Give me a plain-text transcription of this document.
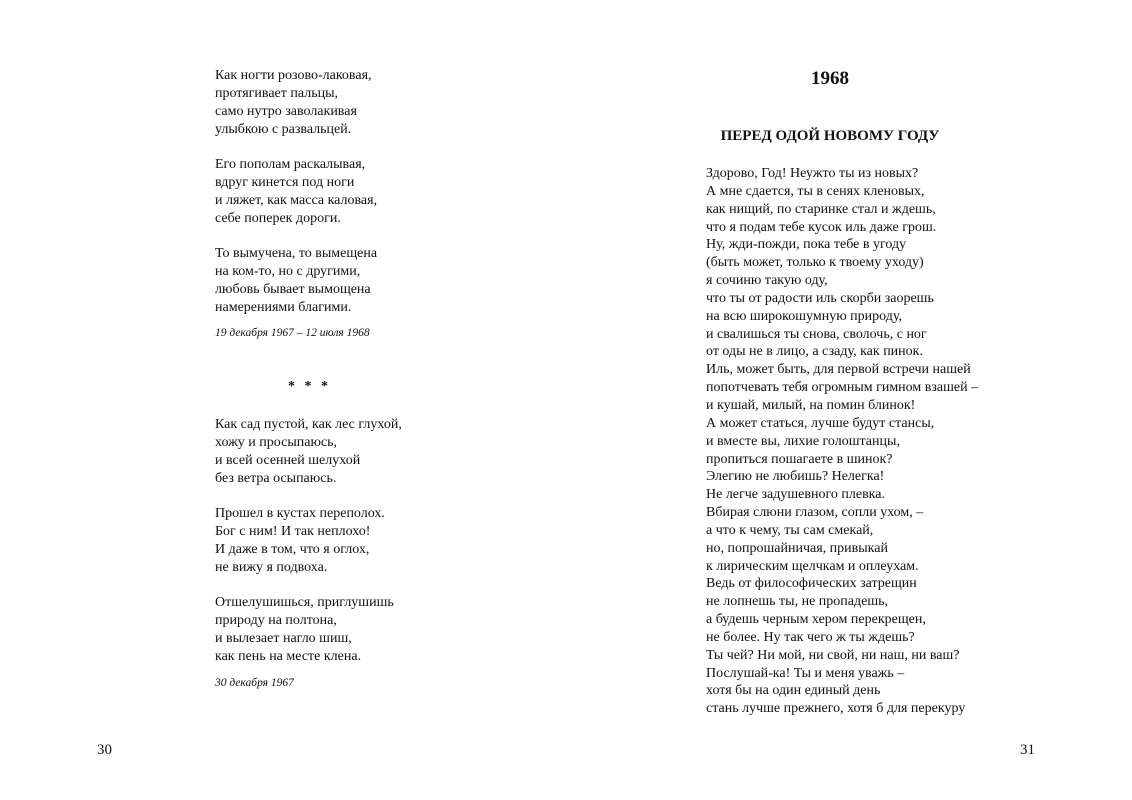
Как ногти розово-лаковая,
протягивает пальцы,
само нутро заволакивая
улыбкою с развальцей.
Его пополам раскалывая,
вдруг кинется под ноги
и ляжет, как масса каловая,
себе поперек дороги.
То вымучена, то вымещена
на ком-то, но с другими,
любовь бывает вымощена
намерениями благими.
19 декабря 1967 – 12 июля 1968
* * *
Как сад пустой, как лес глухой,
хожу и просыпаюсь,
и всей осенней шелухой
без ветра осыпаюсь.
Прошел в кустах переполох.
Бог с ним! И так неплохо!
И даже в том, что я оглох,
не вижу я подвоха.
Отшелушишься, приглушишь
природу на полтона,
и вылезает нагло шиш,
как пень на месте клена.
30 декабря 1967
30
1968
ПЕРЕД ОДОЙ НОВОМУ ГОДУ
Здорово, Год! Неужто ты из новых?
А мне сдается, ты в сенях кленовых,
как нищий, по старинке стал и ждешь,
что я подам тебе кусок иль даже грош.
Ну, жди-пожди, пока тебе в угоду
(быть может, только к твоему уходу)
я сочиню такую оду,
что ты от радости иль скорби заорешь
на всю широкошумную природу,
и свалишься ты снова, сволочь, с ног
от оды не в лицо, а сзаду, как пинок.
Иль, может быть, для первой встречи нашей
попотчевать тебя огромным гимном взашей –
и кушай, милый, на помин блинок!
А может статься, лучше будут стансы,
и вместе вы, лихие голоштанцы,
пропиться пошагаете в шинок?
Элегию не любишь? Нелегка!
Не легче задушевного плевка.
Вбирая слюни глазом, сопли ухом, –
а что к чему, ты сам смекай,
но, попрошайничая, привыкай
к лирическим щелчкам и оплеухам.
Ведь от философических затрещин
не лопнешь ты, не пропадешь,
а будешь черным хером перекрещен,
не более. Ну так чего ж ты ждешь?
Ты чей? Ни мой, ни свой, ни наш, ни ваш?
Послушай-ка! Ты и меня уважь –
хотя бы на один единый день
стань лучше прежнего, хотя б для перекуру
31
